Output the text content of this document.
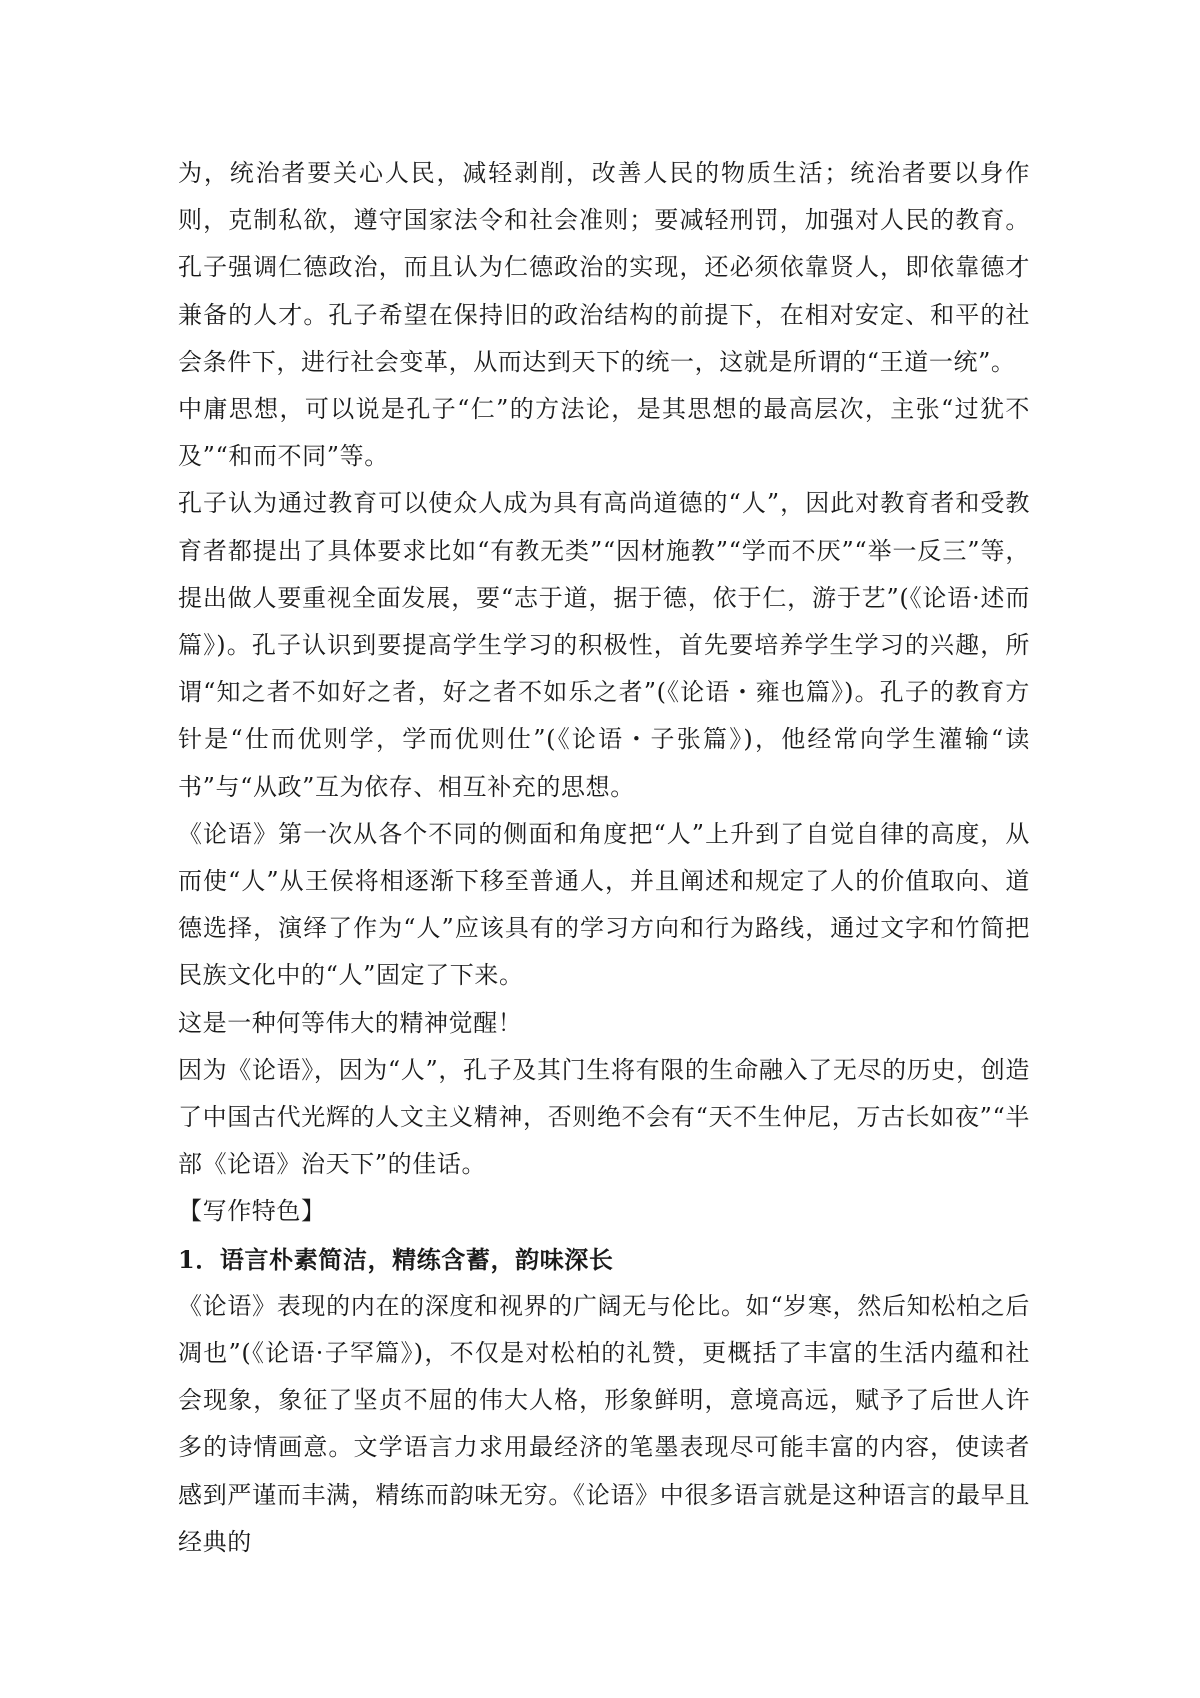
为，统治者要关心人民，减轻剥削，改善人民的物质生活；统治者要以身作则，克制私欲，遵守国家法令和社会准则；要减轻刑罚，加强对人民的教育。孔子强调仁德政治，而且认为仁德政治的实现，还必须依靠贤人，即依靠德才兼备的人才。孔子希望在保持旧的政治结构的前提下，在相对安定、和平的社会条件下，进行社会变革，从而达到天下的统一，这就是所谓的“王道一统”。

中庸思想，可以说是孔子“仁”的方法论，是其思想的最高层次，主张“过犹不及”“和而不同”等。

孔子认为通过教育可以使众人成为具有高尚道德的“人”，因此对教育者和受教育者都提出了具体要求比如“有教无类”“因材施教”“学而不厌”“举一反三”等，提出做人要重视全面发展，要“志于道，据于德，依于仁，游于艺”(《论语·述而篇》)。孔子认识到要提高学生学习的积极性，首先要培养学生学习的兴趣，所谓“知之者不如好之者，好之者不如乐之者”(《论语・雍也篇》)。孔子的教育方针是“仕而优则学，学而优则仕”(《论语・子张篇》)，他经常向学生灌输“读书”与“从政”互为依存、相互补充的思想。

《论语》第一次从各个不同的侧面和角度把“人”上升到了自觉自律的高度，从而使“人”从王侯将相逐渐下移至普通人，并且阐述和规定了人的价值取向、道德选择，演绎了作为“人”应该具有的学习方向和行为路线，通过文字和竹简把民族文化中的“人”固定了下来。

这是一种何等伟大的精神觉醒！

因为《论语》，因为“人”，孔子及其门生将有限的生命融入了无尽的历史，创造了中国古代光辉的人文主义精神，否则绝不会有“天不生仲尼，万古长如夜”“半部《论语》治天下”的佳话。

【写作特色】

1．语言朴素简洁，精练含蓄，韵味深长

《论语》表现的内在的深度和视界的广阔无与伦比。如“岁寒，然后知松柏之后凋也”(《论语·子罕篇》)，不仅是对松柏的礼赞，更概括了丰富的生活内蕴和社会现象，象征了坚贞不屈的伟大人格，形象鲜明，意境高远，赋予了后世人许多的诗情画意。文学语言力求用最经济的笔墨表现尽可能丰富的内容，使读者感到严谨而丰满，精练而韵味无穷。《论语》中很多语言就是这种语言的最早且经典的
